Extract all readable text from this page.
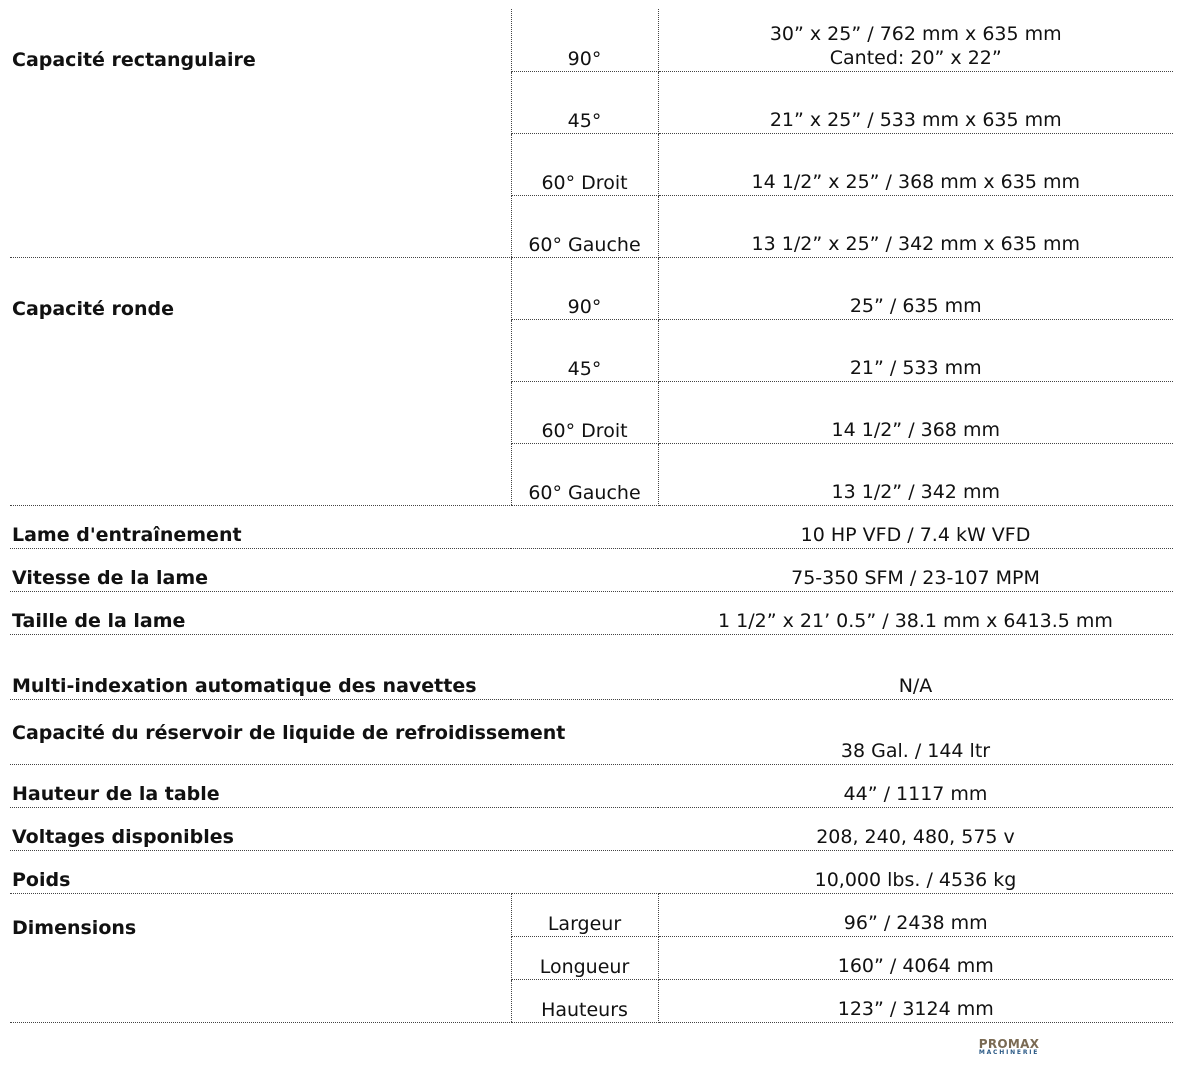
Capacité rectangulaire	90°	30” x 25” / 762 mm x 635 mm
Canted: 20” x 22”

	45°	21” x 25” / 533 mm x 635 mm
	60° Droit	14 1/2” x 25” / 368 mm x 635 mm
	60° Gauche	13 1/2” x 25” / 342 mm x 635 mm
Capacité ronde	90°	25” / 635 mm
	45°	21” / 533 mm
	60° Droit	14 1/2” / 368 mm
	60° Gauche	13 1/2” / 342 mm
Lame d'entraînement		10 HP VFD / 7.4 kW VFD
Vitesse de la lame		75-350 SFM / 23-107 MPM
Taille de la lame		1 1/2” x 21’ 0.5” / 38.1 mm x 6413.5 mm
Multi-indexation automatique des navettes		N/A
Capacité du réservoir de liquide de refroidissement		38 Gal. / 144 ltr
Hauteur de la table		44” / 1117 mm
Voltages disponibles		208, 240, 480, 575 v
Poids		10,000 lbs. / 4536 kg
Dimensions	Largeur	96” / 2438 mm
	Longueur	160” / 4064 mm
	Hauteurs	123” / 3124 mm
PROMAX
MACHINERIE
